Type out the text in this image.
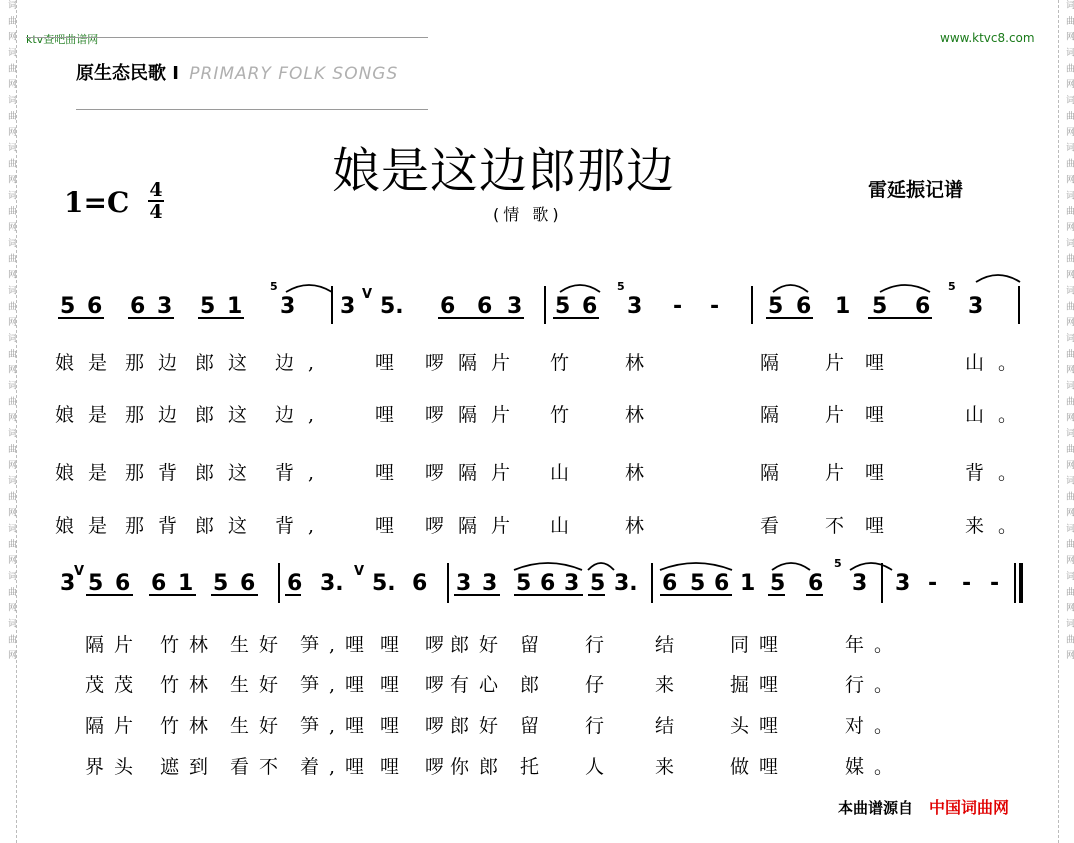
词 曲 网 词 曲 网 词 曲 网 词 曲 网 词 曲 网 词 曲 网 词 曲 网 词 曲 网 词 曲 网 词 曲 网 词 曲 网 词 曲 网 词 曲 网 词 曲 网	词 曲 网 词 曲 网 词 曲 网 词 曲 网 词 曲 网 词 曲 网 词 曲 网 词 曲 网 词 曲 网 词 曲 网 词 曲 网 词 曲 网 词 曲 网 词 曲 网
ktv查吧曲谱网	www.ktvc8.com
原生态民歌 I PRIMARY FOLK SONGS
娘是这边郎那边
(情 歌)
雷延振记谱
1=C 4
4
5 6 6 3 5 1 3 3 5. 6 6 3 5 6 3 - - 5 6 1 5 6 3
5	5	5
V
3 5 6 6 1 5 6 6 3. 5. 6 3 3 5 6 3 5 3. 6 5 6 1 5 6 3 3 - - -
V	V
5
娘是 那边 郎这 边, 哩 啰隔片 竹 林	隔 片 哩	山。
娘是 那边 郎这 边, 哩 啰隔片 竹 林	隔 片 哩	山。
娘是 那背 郎这 背, 哩 啰隔片 山 林	隔 片 哩	背。
娘是 那背 郎这 背, 哩 啰隔片 山 林	看 不 哩	来。
隔片 竹林 生好 笋,哩 哩 啰
郎好 留 行 结 同哩	年。
茂茂 竹林 生好 笋,哩 哩 啰
有心 郎 仔 来 掘哩	行。
隔片 竹林 生好 笋,哩 哩 啰
郎好 留 行 结 头哩	对。
界头 遮到 看不 着,哩 哩 啰
你郎 托 人 来 做哩	媒。
本曲谱源自 中国词曲网
